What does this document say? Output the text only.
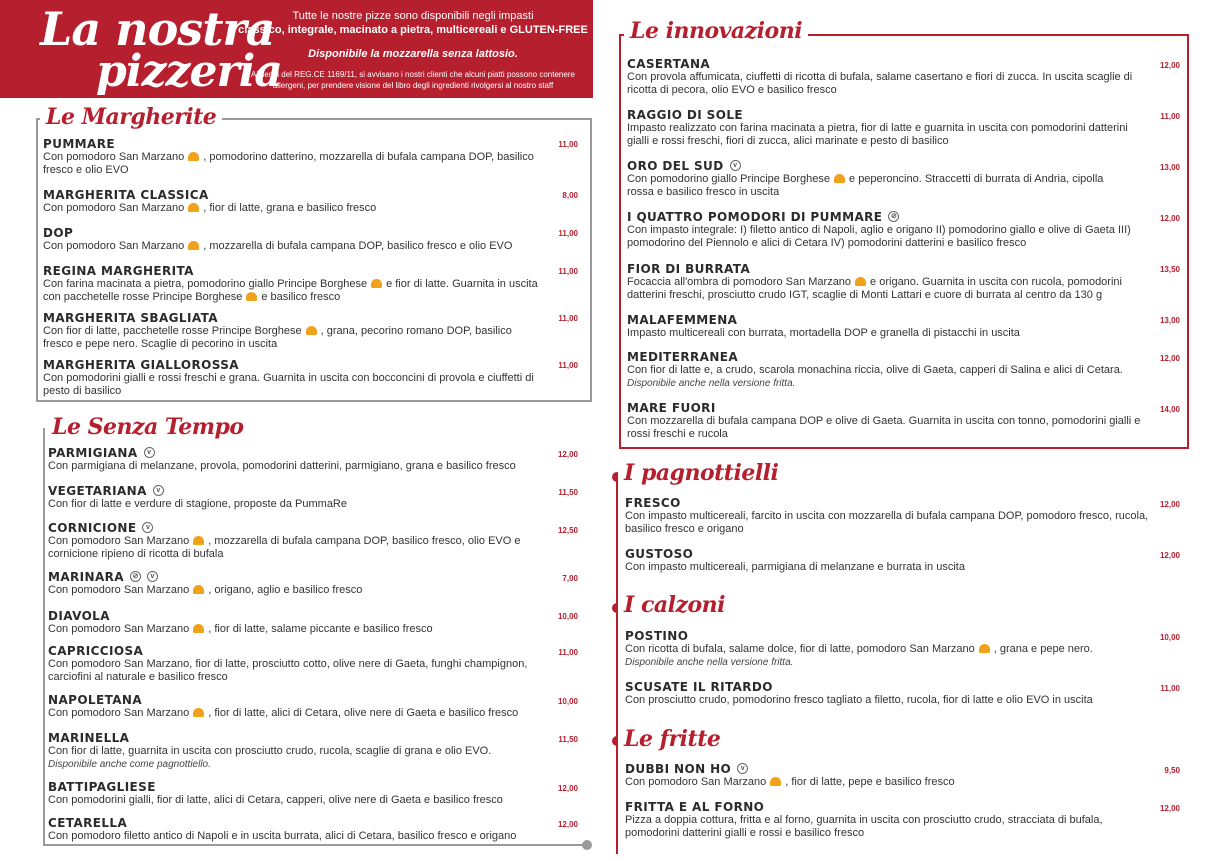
La nostra
pizzeria
Tutte le nostre pizze sono disponibili negli impasti
classico, integrale, macinato a pietra, multicereali e GLUTEN-FREE
Disponibile la mozzarella senza lattosio.
Ai sensi del REG.CE 1169/11, si avvisano i nostri clienti che alcuni piatti possono contenere allergeni, per prendere visione del libro degli ingredienti rivolgersi al nostro staff
Le Margherite
PUMMARE
Con pomodoro San Marzano , pomodorino datterino, mozzarella di bufala campana DOP, basilico fresco e olio EVO
11,00
MARGHERITA CLASSICA
Con pomodoro San Marzano , fior di latte, grana e basilico fresco
8,00
DOP
Con pomodoro San Marzano , mozzarella di bufala campana DOP, basilico fresco e olio EVO
11,00
REGINA MARGHERITA
Con farina macinata a pietra, pomodorino giallo Principe Borghese e fior di latte. Guarnita in uscita con pacchetelle rosse Principe Borghese e basilico fresco
11,00
MARGHERITA SBAGLIATA
Con fior di latte, pacchetelle rosse Principe Borghese , grana, pecorino romano DOP, basilico fresco e pepe nero. Scaglie di pecorino in uscita
11,00
MARGHERITA GIALLOROSSA
Con pomodorini gialli e rossi freschi e grana. Guarnita in uscita con bocconcini di provola e ciuffetti di pesto di basilico
11,00
Le Senza Tempo
PARMIGIANA	v
Con parmigiana di melanzane, provola, pomodorini datterini, parmigiano, grana e basilico fresco
12,00
VEGETARIANA	v
Con fior di latte e verdure di stagione, proposte da PummaRe
11,50
CORNICIONE	v
Con pomodoro San Marzano , mozzarella di bufala campana DOP, basilico fresco, olio EVO e cornicione ripieno di ricotta di bufala
12,50
MARINARA	⊘	v
Con pomodoro San Marzano , origano, aglio e basilico fresco
7,00
DIAVOLA
Con pomodoro San Marzano , fior di latte, salame piccante e basilico fresco
10,00
CAPRICCIOSA
Con pomodoro San Marzano, fior di latte, prosciutto cotto, olive nere di Gaeta, funghi champignon, carciofini al naturale e basilico fresco
11,00
NAPOLETANA
Con pomodoro San Marzano , fior di latte, alici di Cetara, olive nere di Gaeta e basilico fresco
10,00
MARINELLA
Con fior di latte, guarnita in uscita con prosciutto crudo, rucola, scaglie di grana e olio EVO.
Disponibile anche come pagnottiello.
11,50
BATTIPAGLIESE
Con pomodorini gialli, fior di latte, alici di Cetara, capperi, olive nere di Gaeta e basilico fresco
12,00
CETARELLA
Con pomodoro filetto antico di Napoli e in uscita burrata, alici di Cetara, basilico fresco e origano
12,00
Le innovazioni
CASERTANA
Con provola affumicata, ciuffetti di ricotta di bufala, salame casertano e fiori di zucca. In uscita scaglie di ricotta di pecora, olio EVO e basilico fresco
12,00
RAGGIO DI SOLE
Impasto realizzato con farina macinata a pietra, fior di latte e guarnita in uscita con pomodorini datterini gialli e rossi freschi, fiori di zucca, alici marinate e pesto di basilico
11,00
ORO DEL SUD	v
Con pomodorino giallo Principe Borghese e peperoncino. Straccetti di burrata di Andria, cipolla rossa e basilico fresco in uscita
13,00
I QUATTRO POMODORI DI PUMMARE	⊘
Con impasto integrale: I) filetto antico di Napoli, aglio e origano II) pomodorino giallo e olive di Gaeta III) pomodorino del Piennolo e alici di Cetara IV) pomodorini datterini e basilico fresco
12,00
FIOR DI BURRATA
Focaccia all'ombra di pomodoro San Marzano e origano. Guarnita in uscita con rucola, pomodorini datterini freschi, prosciutto crudo IGT, scaglie di Monti Lattari e cuore di burrata al centro da 130 g
13,50
MALAFEMMENA
Impasto multicereali con burrata, mortadella DOP e granella di pistacchi in uscita
13,00
MEDITERRANEA
Con fior di latte e, a crudo, scarola monachina riccia, olive di Gaeta, capperi di Salina e alici di Cetara.
Disponibile anche nella versione fritta.
12,00
MARE FUORI
Con mozzarella di bufala campana DOP e olive di Gaeta. Guarnita in uscita con tonno, pomodorini gialli e rossi freschi e rucola
14,00
I pagnottielli
FRESCO
Con impasto multicereali, farcito in uscita con mozzarella di bufala campana DOP, pomodoro fresco, rucola, basilico fresco e origano
12,00
GUSTOSO
Con impasto multicereali, parmigiana di melanzane e burrata in uscita
12,00
I calzoni
POSTINO
Con ricotta di bufala, salame dolce, fior di latte, pomodoro San Marzano , grana e pepe nero.
Disponibile anche nella versione fritta.
10,00
SCUSATE IL RITARDO
Con prosciutto crudo, pomodorino fresco tagliato a filetto, rucola, fior di latte e olio EVO in uscita
11,00
Le fritte
DUBBI NON HO	v
Con pomodoro San Marzano , fior di latte, pepe e basilico fresco
9,50
FRITTA E AL FORNO
Pizza a doppia cottura, fritta e al forno, guarnita in uscita con prosciutto crudo, stracciata di bufala, pomodorini datterini gialli e rossi e basilico fresco
12,00
